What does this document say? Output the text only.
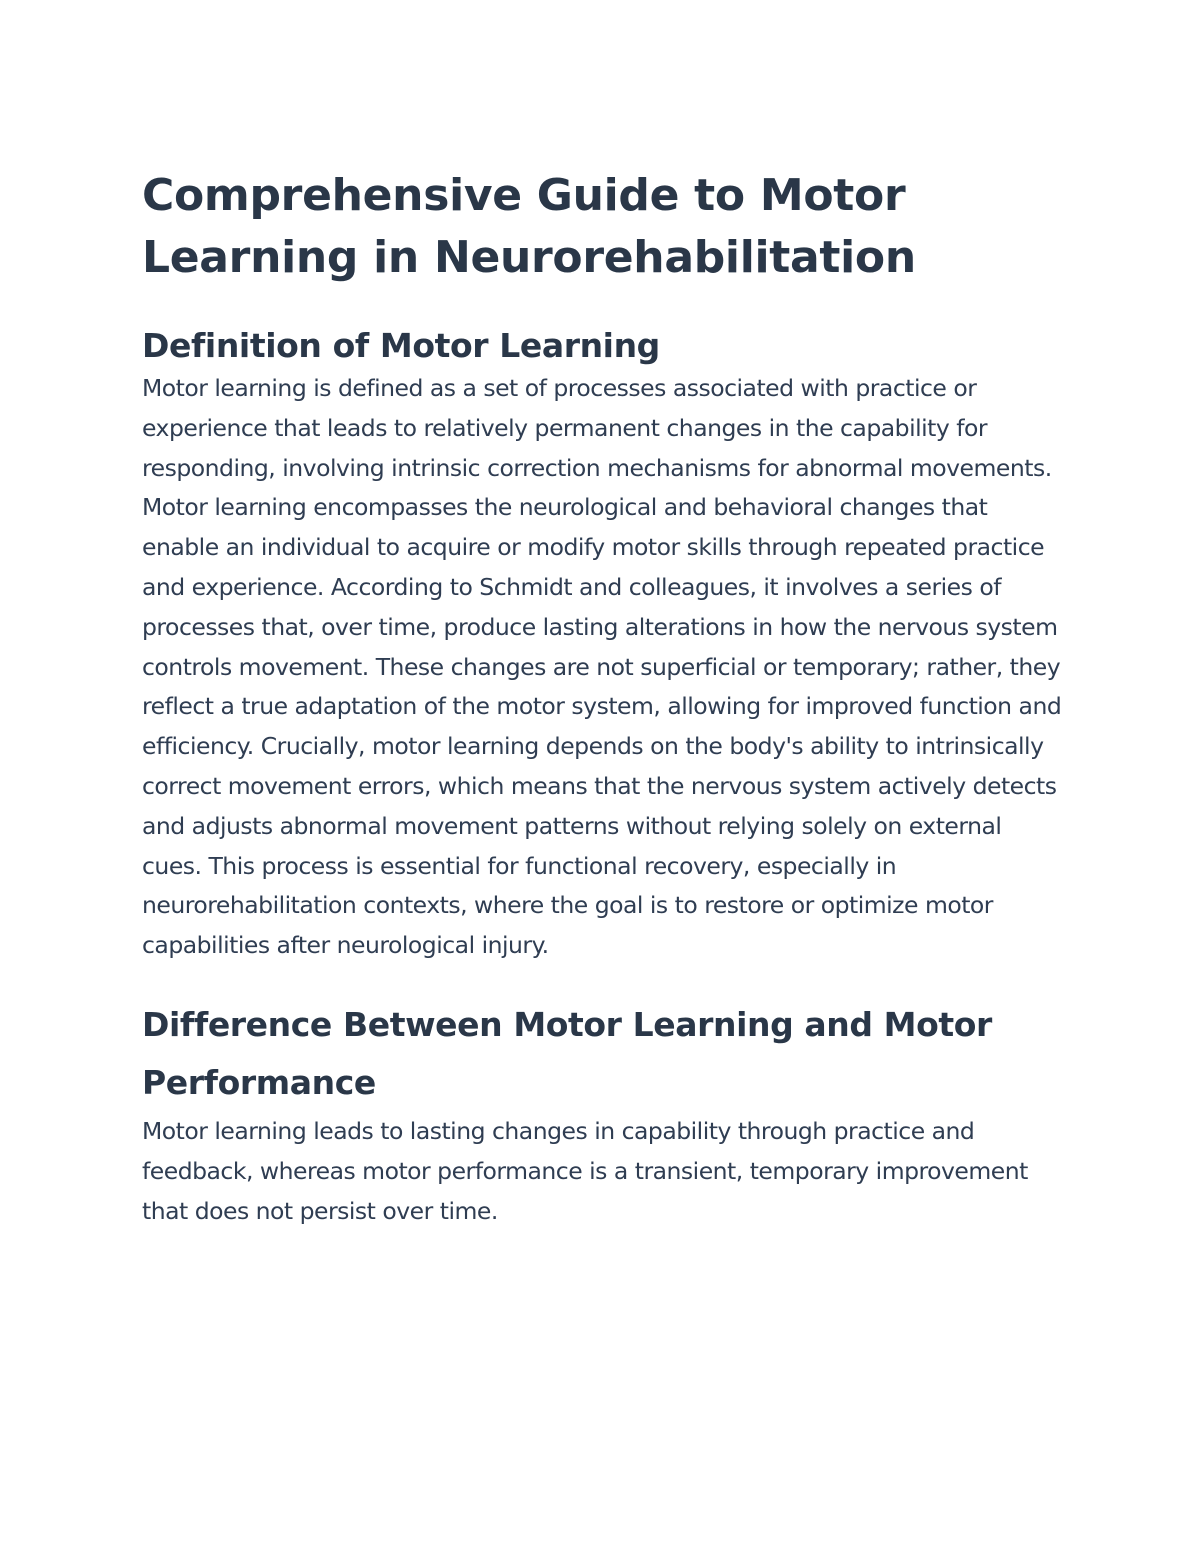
Comprehensive Guide to Motor Learning in Neurorehabilitation
Definition of Motor Learning

Motor learning is defined as a set of processes associated with practice or experience that leads to relatively permanent changes in the capability for responding, involving intrinsic correction mechanisms for abnormal movements.

Motor learning encompasses the neurological and behavioral changes that enable an individual to acquire or modify motor skills through repeated practice and experience. According to Schmidt and colleagues, it involves a series of processes that, over time, produce lasting alterations in how the nervous system controls movement. These changes are not superficial or temporary; rather, they reflect a true adaptation of the motor system, allowing for improved function and efficiency. Crucially, motor learning depends on the body's ability to intrinsically correct movement errors, which means that the nervous system actively detects and adjusts abnormal movement patterns without relying solely on external cues. This process is essential for functional recovery, especially in neurorehabilitation contexts, where the goal is to restore or optimize motor capabilities after neurological injury.

Difference Between Motor Learning and Motor Performance

Motor learning leads to lasting changes in capability through practice and feedback, whereas motor performance is a transient, temporary improvement that does not persist over time.
